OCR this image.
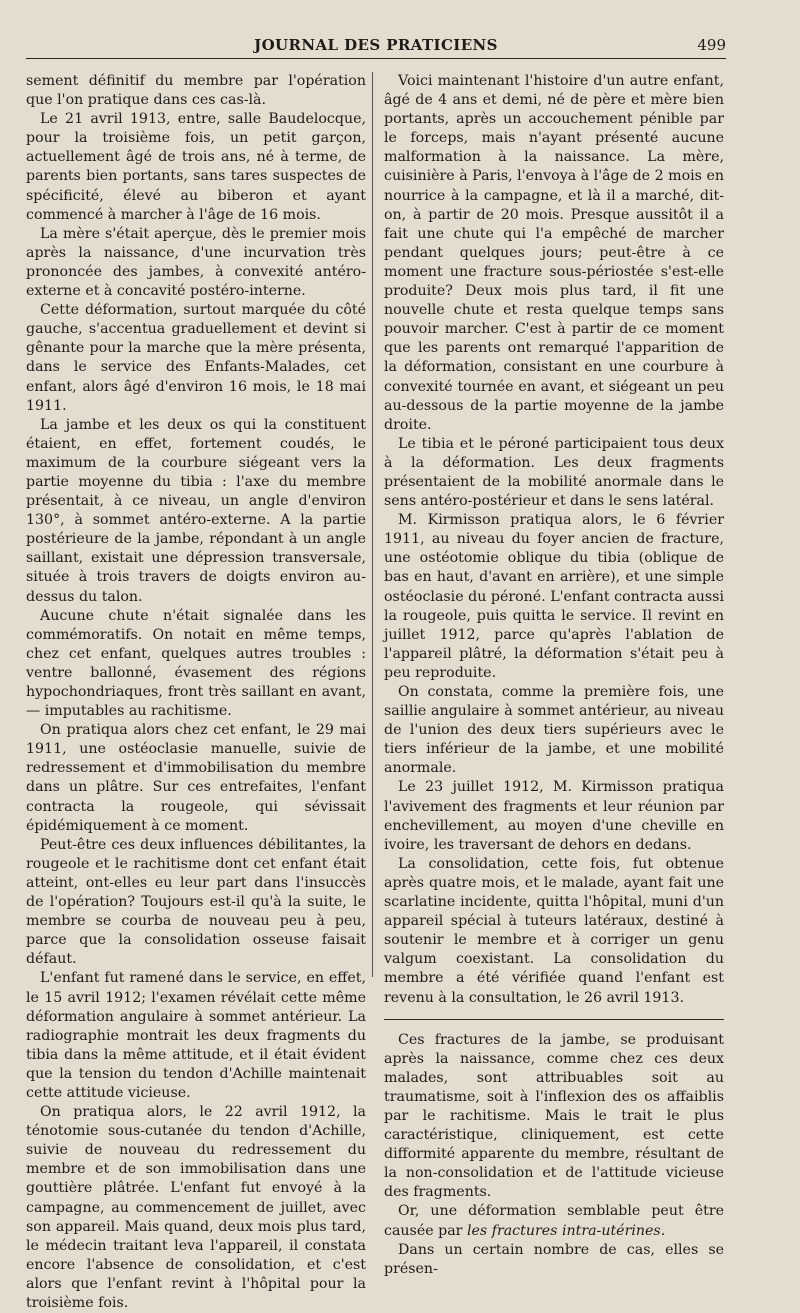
JOURNAL DES PRATICIENS	499

sement définitif du membre par l'opération que l'on pratique dans ces cas-là.

Le 21 avril 1913, entre, salle Baudelocque, pour la troisième fois, un petit garçon, actuellement âgé de trois ans, né à terme, de parents bien portants, sans tares suspectes de spécificité, élevé au biberon et ayant commencé à marcher à l'âge de 16 mois.

La mère s'était aperçue, dès le premier mois après la naissance, d'une incurvation très prononcée des jambes, à convexité antéro-externe et à concavité postéro-interne.

Cette déformation, surtout marquée du côté gauche, s'accentua graduellement et devint si gênante pour la marche que la mère présenta, dans le service des Enfants-Malades, cet enfant, alors âgé d'environ 16 mois, le 18 mai 1911.

La jambe et les deux os qui la constituent étaient, en effet, fortement coudés, le maximum de la courbure siégeant vers la partie moyenne du tibia : l'axe du membre présentait, à ce niveau, un angle d'environ 130°, à sommet antéro-externe. A la partie postérieure de la jambe, répondant à un angle saillant, existait une dépression transversale, située à trois travers de doigts environ au-dessus du talon.

Aucune chute n'était signalée dans les commémoratifs. On notait en même temps, chez cet enfant, quelques autres troubles : ventre ballonné, évasement des régions hypochondriaques, front très saillant en avant, — imputables au rachitisme.

On pratiqua alors chez cet enfant, le 29 mai 1911, une ostéoclasie manuelle, suivie de redressement et d'immobilisation du membre dans un plâtre. Sur ces entrefaites, l'enfant contracta la rougeole, qui sévissait épidémiquement à ce moment.

Peut-être ces deux influences débilitantes, la rougeole et le rachitisme dont cet enfant était atteint, ont-elles eu leur part dans l'insuccès de l'opération? Toujours est-il qu'à la suite, le membre se courba de nouveau peu à peu, parce que la consolidation osseuse faisait défaut.

L'enfant fut ramené dans le service, en effet, le 15 avril 1912; l'examen révélait cette même déformation angulaire à sommet antérieur. La radiographie montrait les deux fragments du tibia dans la même attitude, et il était évident que la tension du tendon d'Achille maintenait cette attitude vicieuse.

On pratiqua alors, le 22 avril 1912, la ténotomie sous-cutanée du tendon d'Achille, suivie de nouveau du redressement du membre et de son immobilisation dans une gouttière plâtrée. L'enfant fut envoyé à la campagne, au commencement de juillet, avec son appareil. Mais quand, deux mois plus tard, le médecin traitant leva l'appareil, il constata encore l'absence de consolidation, et c'est alors que l'enfant revint à l'hôpital pour la troisième fois.

Voici maintenant l'histoire d'un autre enfant, âgé de 4 ans et demi, né de père et mère bien portants, après un accouchement pénible par le forceps, mais n'ayant présenté aucune malformation à la naissance. La mère, cuisinière à Paris, l'envoya à l'âge de 2 mois en nourrice à la campagne, et là il a marché, dit-on, à partir de 20 mois. Presque aussitôt il a fait une chute qui l'a empêché de marcher pendant quelques jours; peut-être à ce moment une fracture sous-périostée s'est-elle produite? Deux mois plus tard, il fit une nouvelle chute et resta quelque temps sans pouvoir marcher. C'est à partir de ce moment que les parents ont remarqué l'apparition de la déformation, consistant en une courbure à convexité tournée en avant, et siégeant un peu au-dessous de la partie moyenne de la jambe droite.

Le tibia et le péroné participaient tous deux à la déformation. Les deux fragments présentaient de la mobilité anormale dans le sens antéro-postérieur et dans le sens latéral.

M. Kirmisson pratiqua alors, le 6 février 1911, au niveau du foyer ancien de fracture, une ostéotomie oblique du tibia (oblique de bas en haut, d'avant en arrière), et une simple ostéoclasie du péroné. L'enfant contracta aussi la rougeole, puis quitta le service. Il revint en juillet 1912, parce qu'après l'ablation de l'appareil plâtré, la déformation s'était peu à peu reproduite.

On constata, comme la première fois, une saillie angulaire à sommet antérieur, au niveau de l'union des deux tiers supérieurs avec le tiers inférieur de la jambe, et une mobilité anormale.

Le 23 juillet 1912, M. Kirmisson pratiqua l'avivement des fragments et leur réunion par enchevillement, au moyen d'une cheville en ivoire, les traversant de dehors en dedans.

La consolidation, cette fois, fut obtenue après quatre mois, et le malade, ayant fait une scarlatine incidente, quitta l'hôpital, muni d'un appareil spécial à tuteurs latéraux, destiné à soutenir le membre et à corriger un genu valgum coexistant. La consolidation du membre a été vérifiée quand l'enfant est revenu à la consultation, le 26 avril 1913.

Ces fractures de la jambe, se produisant après la naissance, comme chez ces deux malades, sont attribuables soit au traumatisme, soit à l'inflexion des os affaiblis par le rachitisme. Mais le trait le plus caractéristique, cliniquement, est cette difformité apparente du membre, résultant de la non-consolidation et de l'attitude vicieuse des fragments.

Or, une déformation semblable peut être causée par les fractures intra-utérines.

Dans un certain nombre de cas, elles se présen-
